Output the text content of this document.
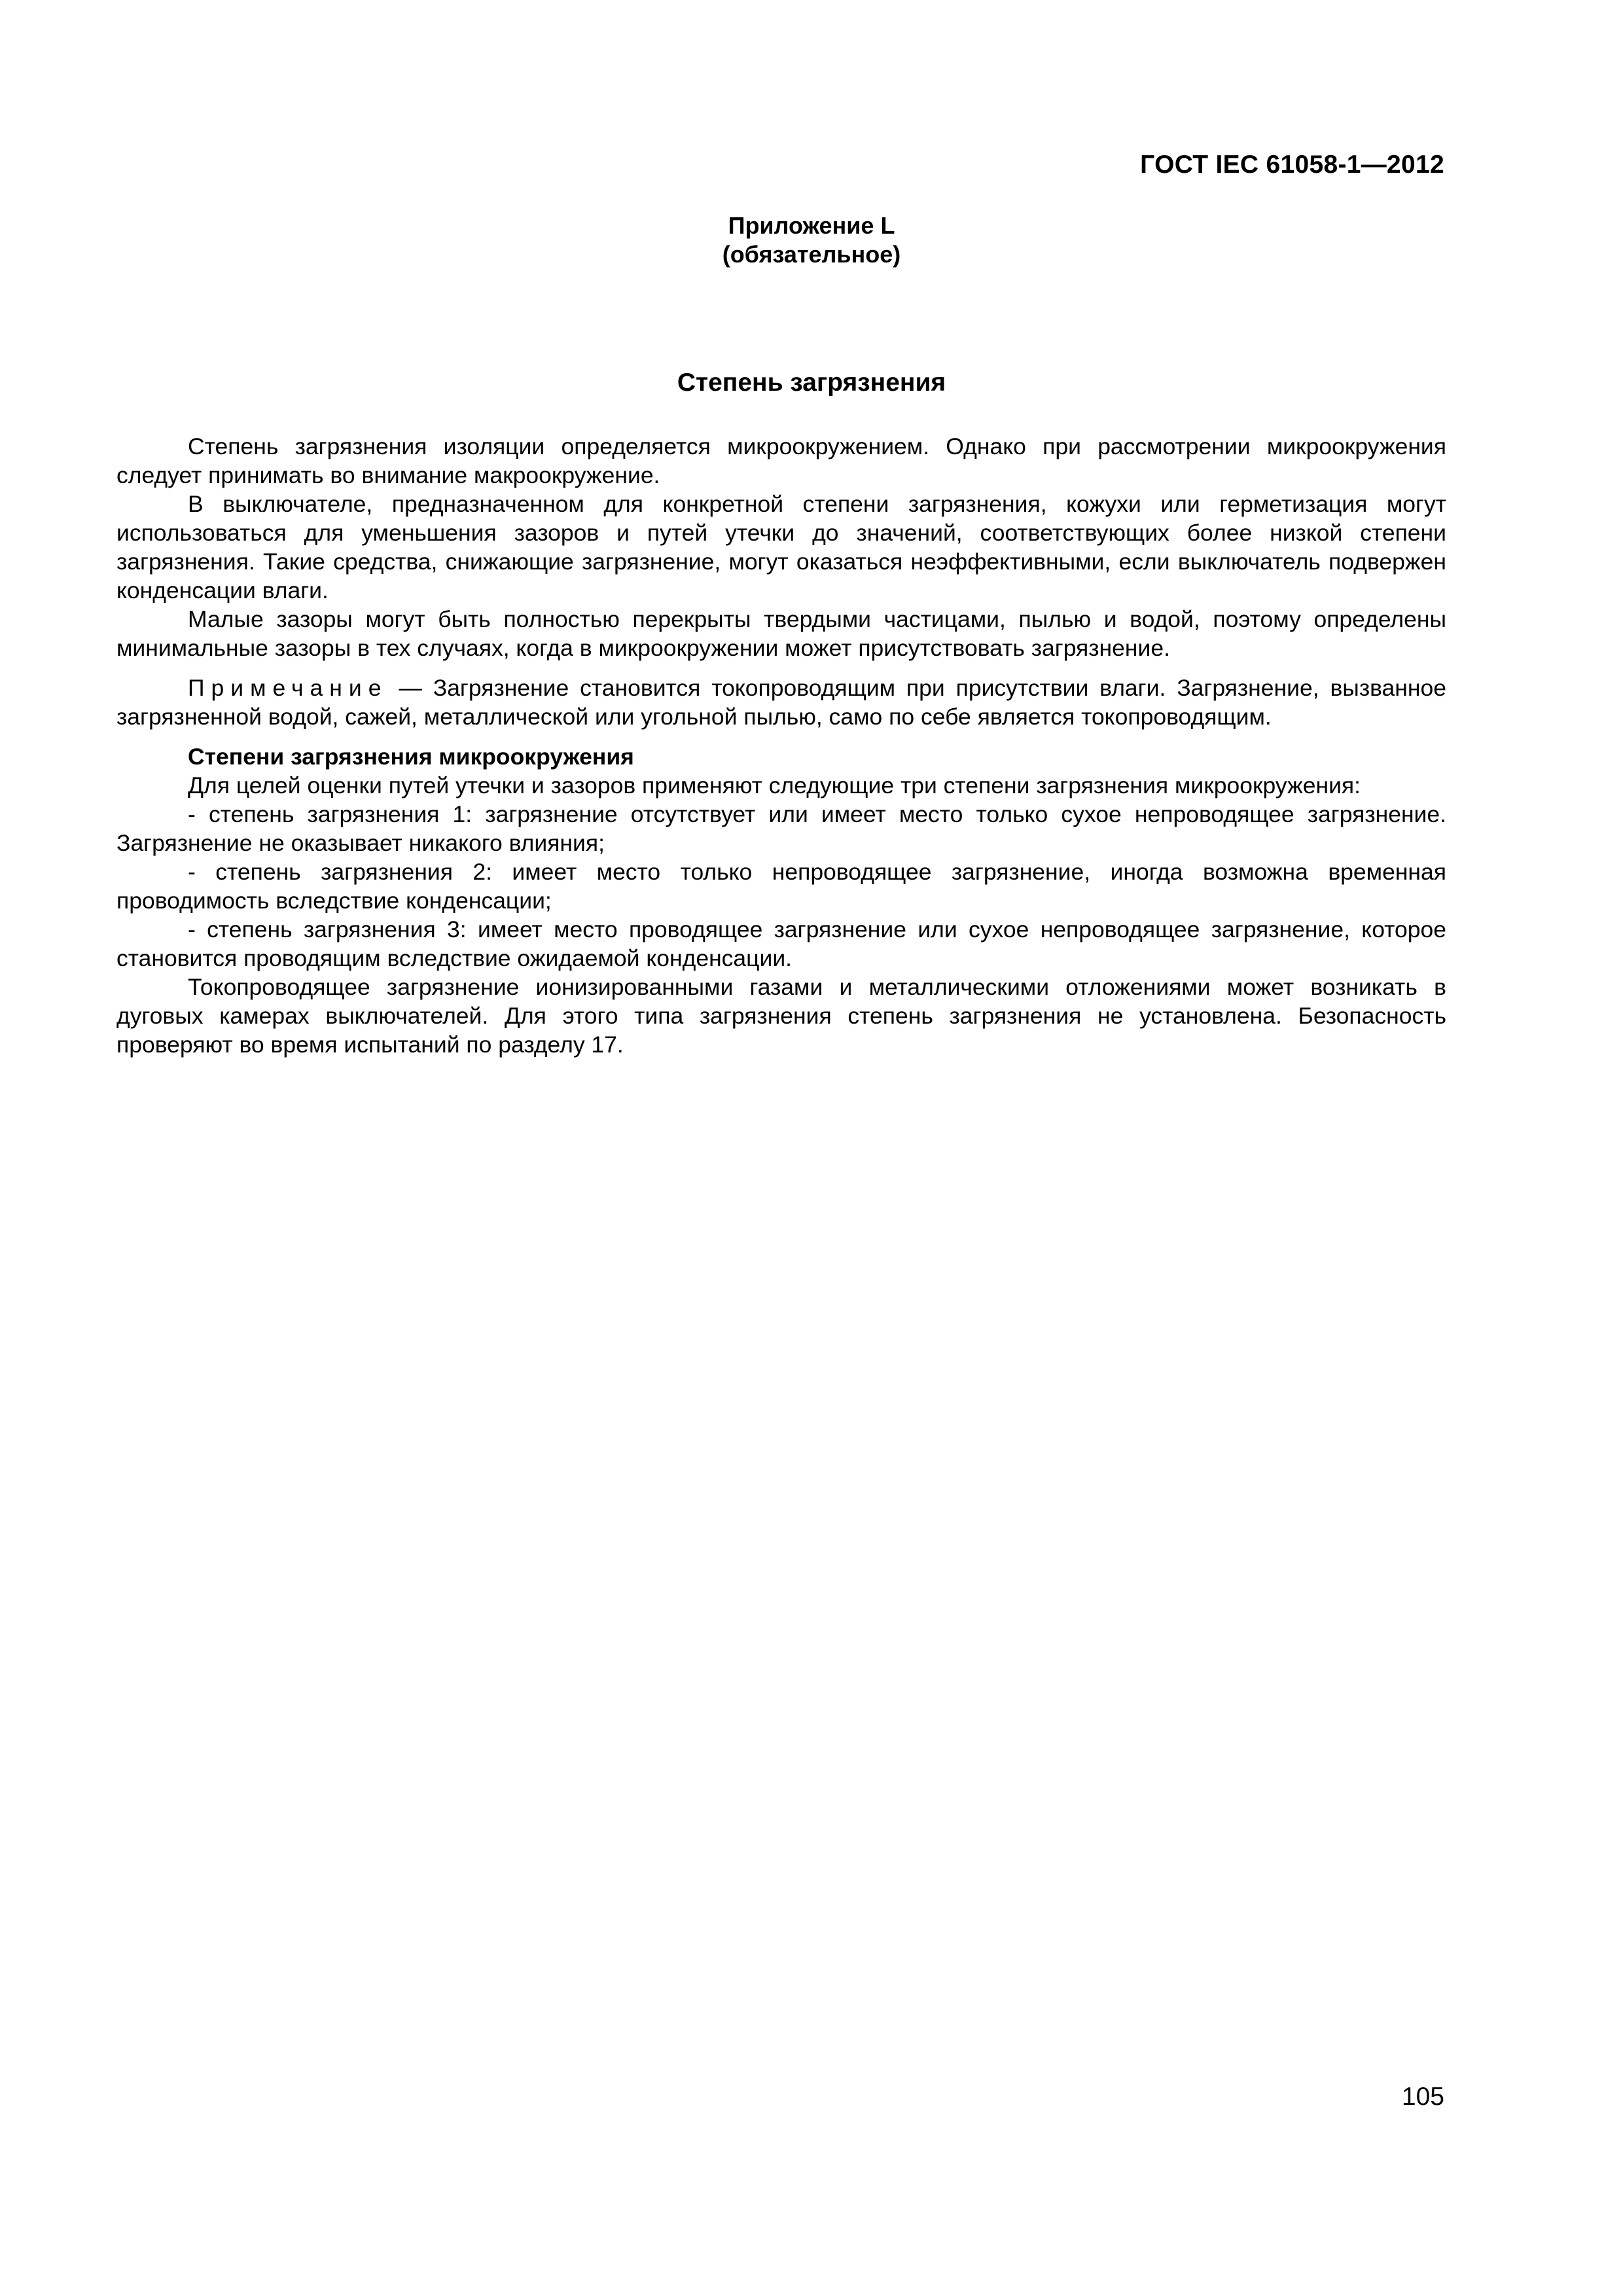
ГОСТ IEC 61058-1—2012
Приложение L
(обязательное)
Степень загрязнения

Степень загрязнения изоляции определяется микроокружением. Однако при рассмотрении микроокружения следует принимать во внимание макроокружение.

В выключателе, предназначенном для конкретной степени загрязнения, кожухи или герметизация могут использоваться для уменьшения зазоров и путей утечки до значений, соответствующих более низкой степени загрязнения. Такие средства, снижающие загрязнение, могут оказаться неэффективными, если выключатель подвержен конденсации влаги.

Малые зазоры могут быть полностью перекрыты твердыми частицами, пылью и водой, поэтому определены минимальные зазоры в тех случаях, когда в микроокружении может присутствовать загрязнение.

Примечание — Загрязнение становится токопроводящим при присутствии влаги. Загрязнение, вызванное загрязненной водой, сажей, металлической или угольной пылью, само по себе является токопроводящим.

Степени загрязнения микроокружения

Для целей оценки путей утечки и зазоров применяют следующие три степени загрязнения микроокружения:

- степень загрязнения 1: загрязнение отсутствует или имеет место только сухое непроводящее загрязнение. Загрязнение не оказывает никакого влияния;

- степень загрязнения 2: имеет место только непроводящее загрязнение, иногда возможна временная проводимость вследствие конденсации;

- степень загрязнения 3: имеет место проводящее загрязнение или сухое непроводящее загрязнение, которое становится проводящим вследствие ожидаемой конденсации.

Токопроводящее загрязнение ионизированными газами и металлическими отложениями может возникать в дуговых камерах выключателей. Для этого типа загрязнения степень загрязнения не установлена. Безопасность проверяют во время испытаний по разделу 17.

105
